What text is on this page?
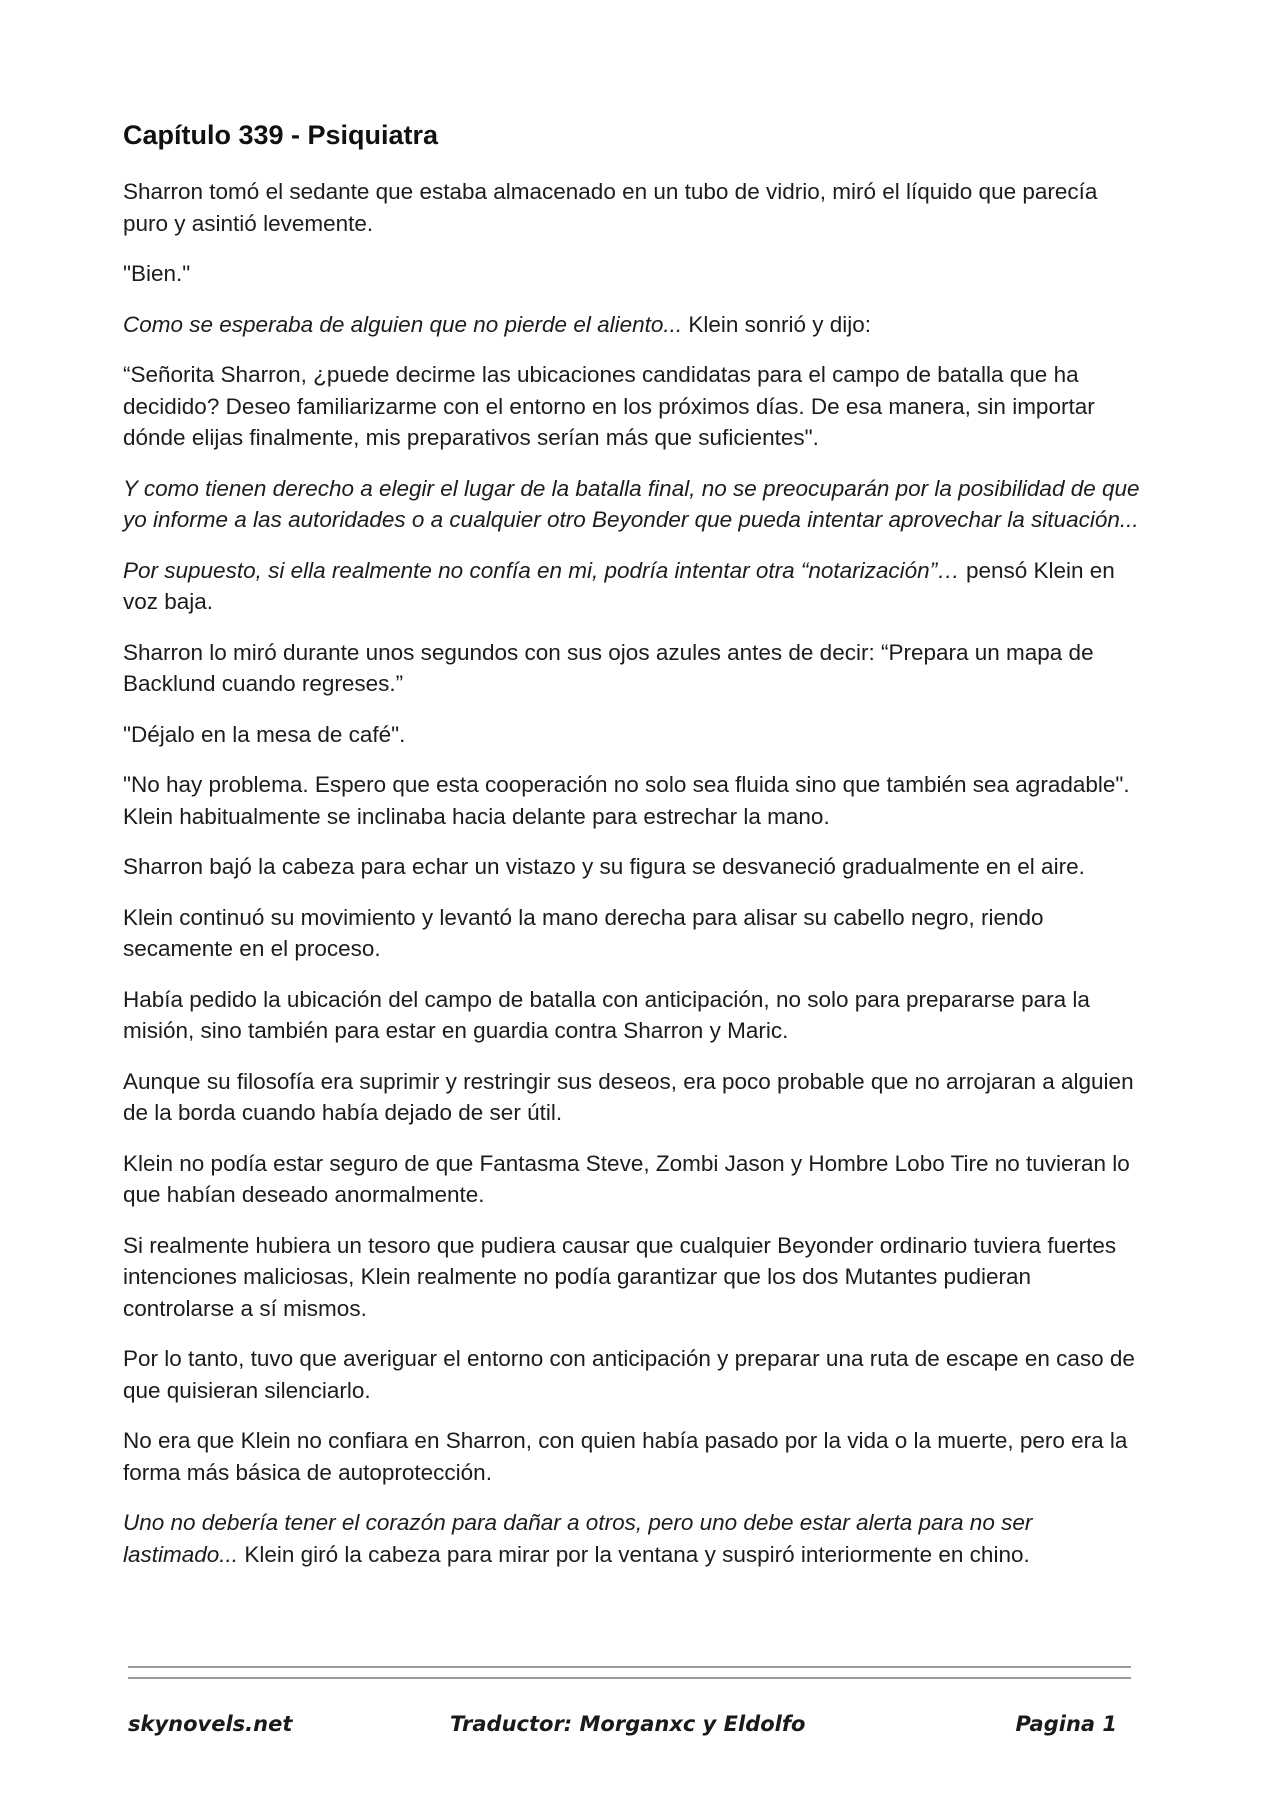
Capítulo 339 - Psiquiatra

Sharron tomó el sedante que estaba almacenado en un tubo de vidrio, miró el líquido que parecía puro y asintió levemente.

"Bien."

Como se esperaba de alguien que no pierde el aliento... Klein sonrió y dijo:

“Señorita Sharron, ¿puede decirme las ubicaciones candidatas para el campo de batalla que ha decidido? Deseo familiarizarme con el entorno en los próximos días. De esa manera, sin importar dónde elijas finalmente, mis preparativos serían más que suficientes".

Y como tienen derecho a elegir el lugar de la batalla final, no se preocuparán por la posibilidad de que yo informe a las autoridades o a cualquier otro Beyonder que pueda intentar aprovechar la situación...

Por supuesto, si ella realmente no confía en mi, podría intentar otra “notarización”… pensó Klein en voz baja.

Sharron lo miró durante unos segundos con sus ojos azules antes de decir: “Prepara un mapa de Backlund cuando regreses.”

"Déjalo en la mesa de café".

"No hay problema. Espero que esta cooperación no solo sea fluida sino que también sea agradable". Klein habitualmente se inclinaba hacia delante para estrechar la mano.

Sharron bajó la cabeza para echar un vistazo y su figura se desvaneció gradualmente en el aire.

Klein continuó su movimiento y levantó la mano derecha para alisar su cabello negro, riendo secamente en el proceso.

Había pedido la ubicación del campo de batalla con anticipación, no solo para prepararse para la misión, sino también para estar en guardia contra Sharron y Maric.

Aunque su filosofía era suprimir y restringir sus deseos, era poco probable que no arrojaran a alguien de la borda cuando había dejado de ser útil.

Klein no podía estar seguro de que Fantasma Steve, Zombi Jason y Hombre Lobo Tire no tuvieran lo que habían deseado anormalmente.

Si realmente hubiera un tesoro que pudiera causar que cualquier Beyonder ordinario tuviera fuertes intenciones maliciosas, Klein realmente no podía garantizar que los dos Mutantes pudieran controlarse a sí mismos.

Por lo tanto, tuvo que averiguar el entorno con anticipación y preparar una ruta de escape en caso de que quisieran silenciarlo.

No era que Klein no confiara en Sharron, con quien había pasado por la vida o la muerte, pero era la forma más básica de autoprotección.

Uno no debería tener el corazón para dañar a otros, pero uno debe estar alerta para no ser lastimado... Klein giró la cabeza para mirar por la ventana y suspiró interiormente en chino.

skynovels.net	Traductor: Morganxc y Eldolfo	Pagina 1
